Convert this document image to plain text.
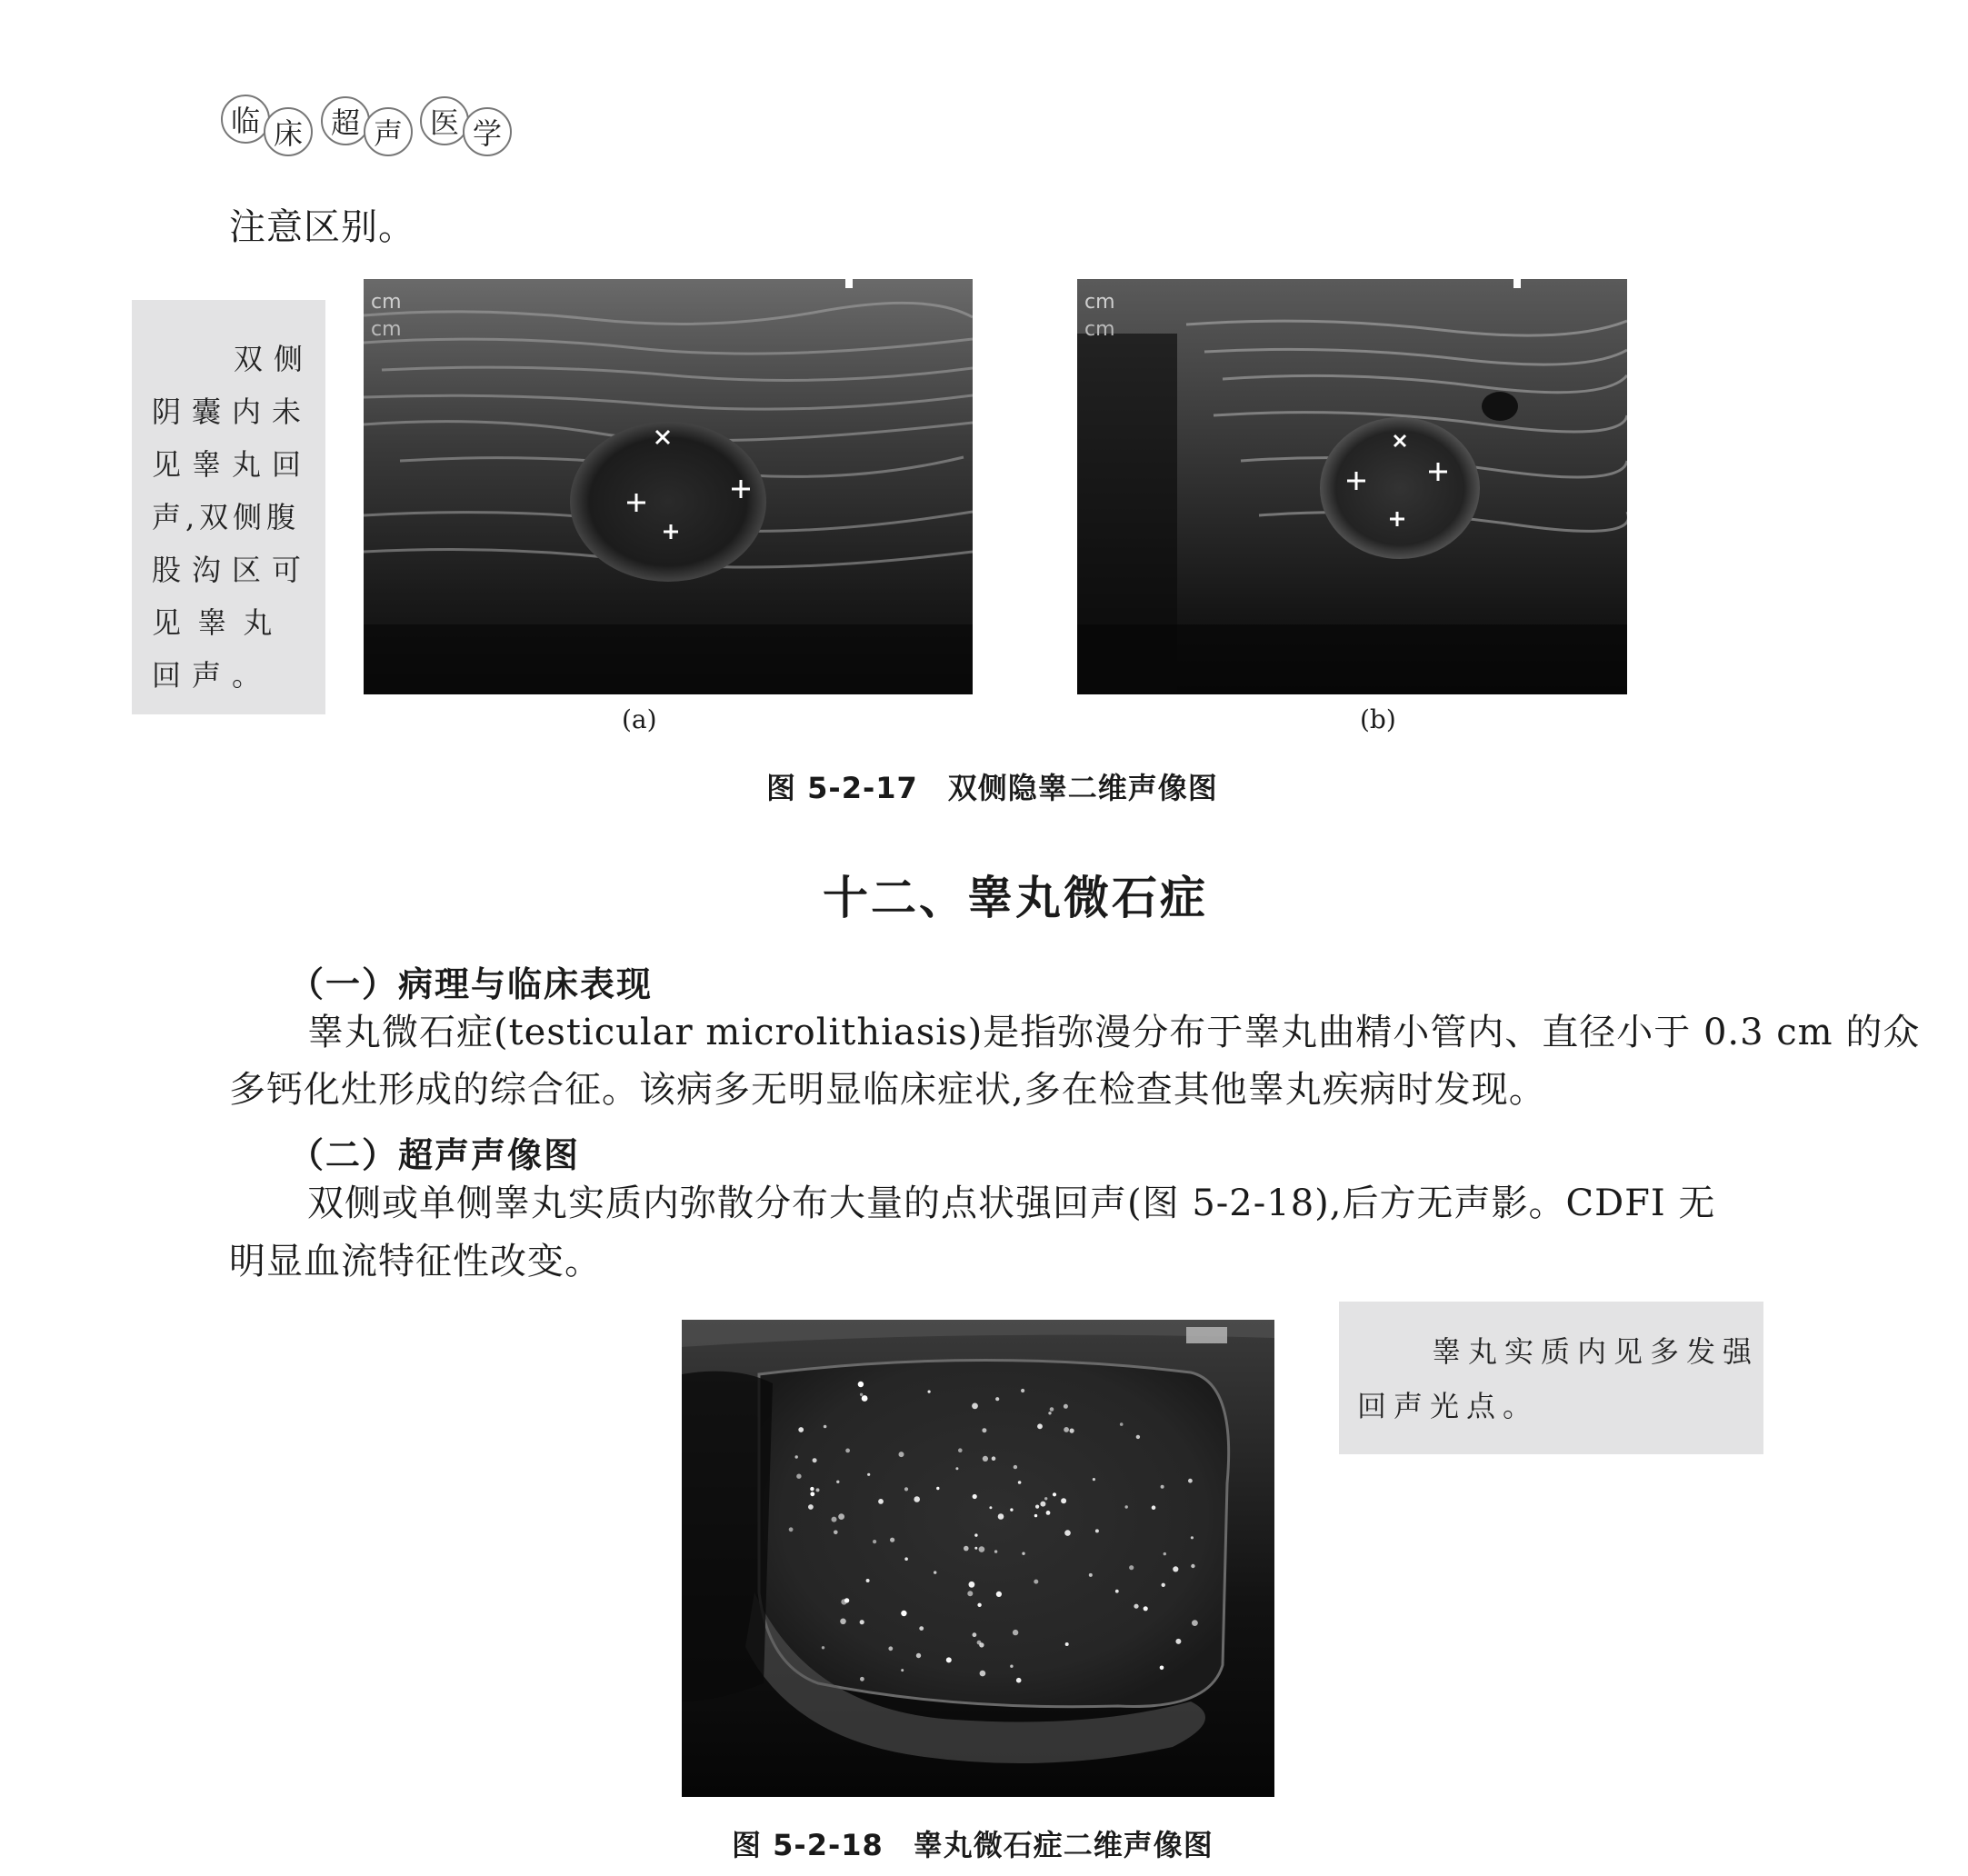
临 床 超 声 医 学
注意区别。
双侧
阴囊内未
见睾丸回
声,双侧腹
股沟区可
见 睾 丸
回声。
cm
cm
cm
cm
(a)	(b)
图 5-2-17　双侧隐睾二维声像图
十二、睾丸微石症
（一）病理与临床表现
睾丸微石症(testicular microlithiasis)是指弥漫分布于睾丸曲精小管内、直径小于 0.3 cm 的众
多钙化灶形成的综合征。该病多无明显临床症状,多在检查其他睾丸疾病时发现。
（二）超声声像图
双侧或单侧睾丸实质内弥散分布大量的点状强回声(图 5-2-18),后方无声影。CDFI 无
明显血流特征性改变。
睾丸实质内见多发强
回声光点。
图 5-2-18　睾丸微石症二维声像图
